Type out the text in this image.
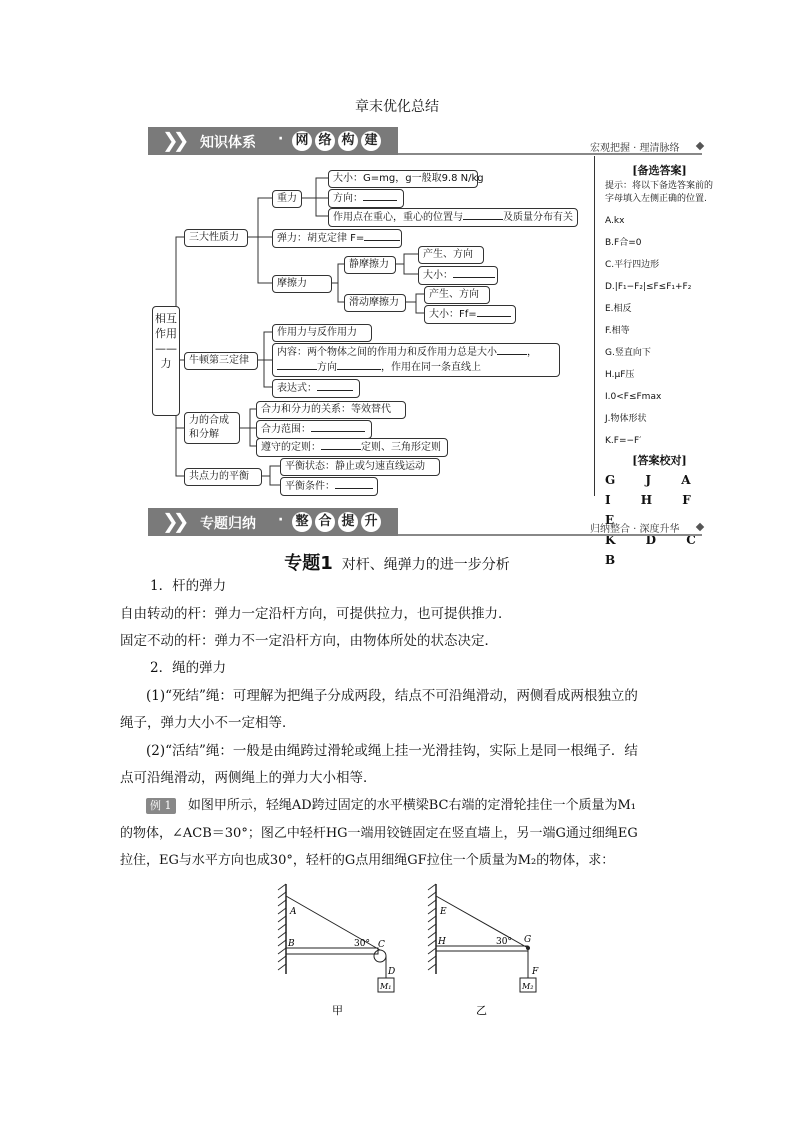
章末优化总结
❯❯ 知识体系 · 网 络 构 建
宏观把握 · 理清脉络
相互作用——力
三大性质力
重力
大小：G=mg，g一般取9.8 N/kg
方向：
作用点在重心，重心的位置与	及质量分布有关
弹力：胡克定律 F=
摩擦力
静摩擦力
产生、方向
大小：
滑动摩擦力
产生、方向
大小：Ff=
牛顿第三定律
作用力与反作用力
内容：两个物体之间的作用力和反作用力总是大小	，
方向	，作用在同一条直线上
表达式：
力的合成
和分解
合力和分力的关系：等效替代
合力范围：
遵守的定则：	定则、三角形定则
共点力的平衡
平衡状态：静止或匀速直线运动
平衡条件：
[备选答案]
提示：将以下备选答案前的字母填入左侧正确的位置.
A.kx
B.F合=0
C.平行四边形
D.|F₁−F₂|≤F≤F₁+F₂
E.相反
F.相等
G.竖直向下
H.μF压
I.0<F≤Fmax
J.物体形状
K.F=−F′
[答案校对]
G J A I H F E
K D C B
❯❯ 专题归纳 · 整 合 提 升
归纳整合 · 深度升华
专题1 对杆、绳弹力的进一步分析
1．杆的弹力
自由转动的杆：弹力一定沿杆方向，可提供拉力，也可提供推力．
固定不动的杆：弹力不一定沿杆方向，由物体所处的状态决定．
2．绳的弹力
(1)“死结”绳：可理解为把绳子分成两段，结点不可沿绳滑动，两侧看成两根独立的
绳子，弹力大小不一定相等．
(2)“活结”绳：一般是由绳跨过滑轮或绳上挂一光滑挂钩，实际上是同一根绳子．结
点可沿绳滑动，两侧绳上的弹力大小相等．
例 1 如图甲所示，轻绳AD跨过固定的水平横梁BC右端的定滑轮挂住一个质量为M₁
的物体，∠ACB＝30°；图乙中轻杆HG一端用铰链固定在竖直墙上，另一端G通过细绳EG
拉住，EG与水平方向也成30°，轻杆的G点用细绳GF拉住一个质量为M₂的物体，求：
A
B	30° C
D
M₁
甲
E
H	30° G
F
M₂
乙
